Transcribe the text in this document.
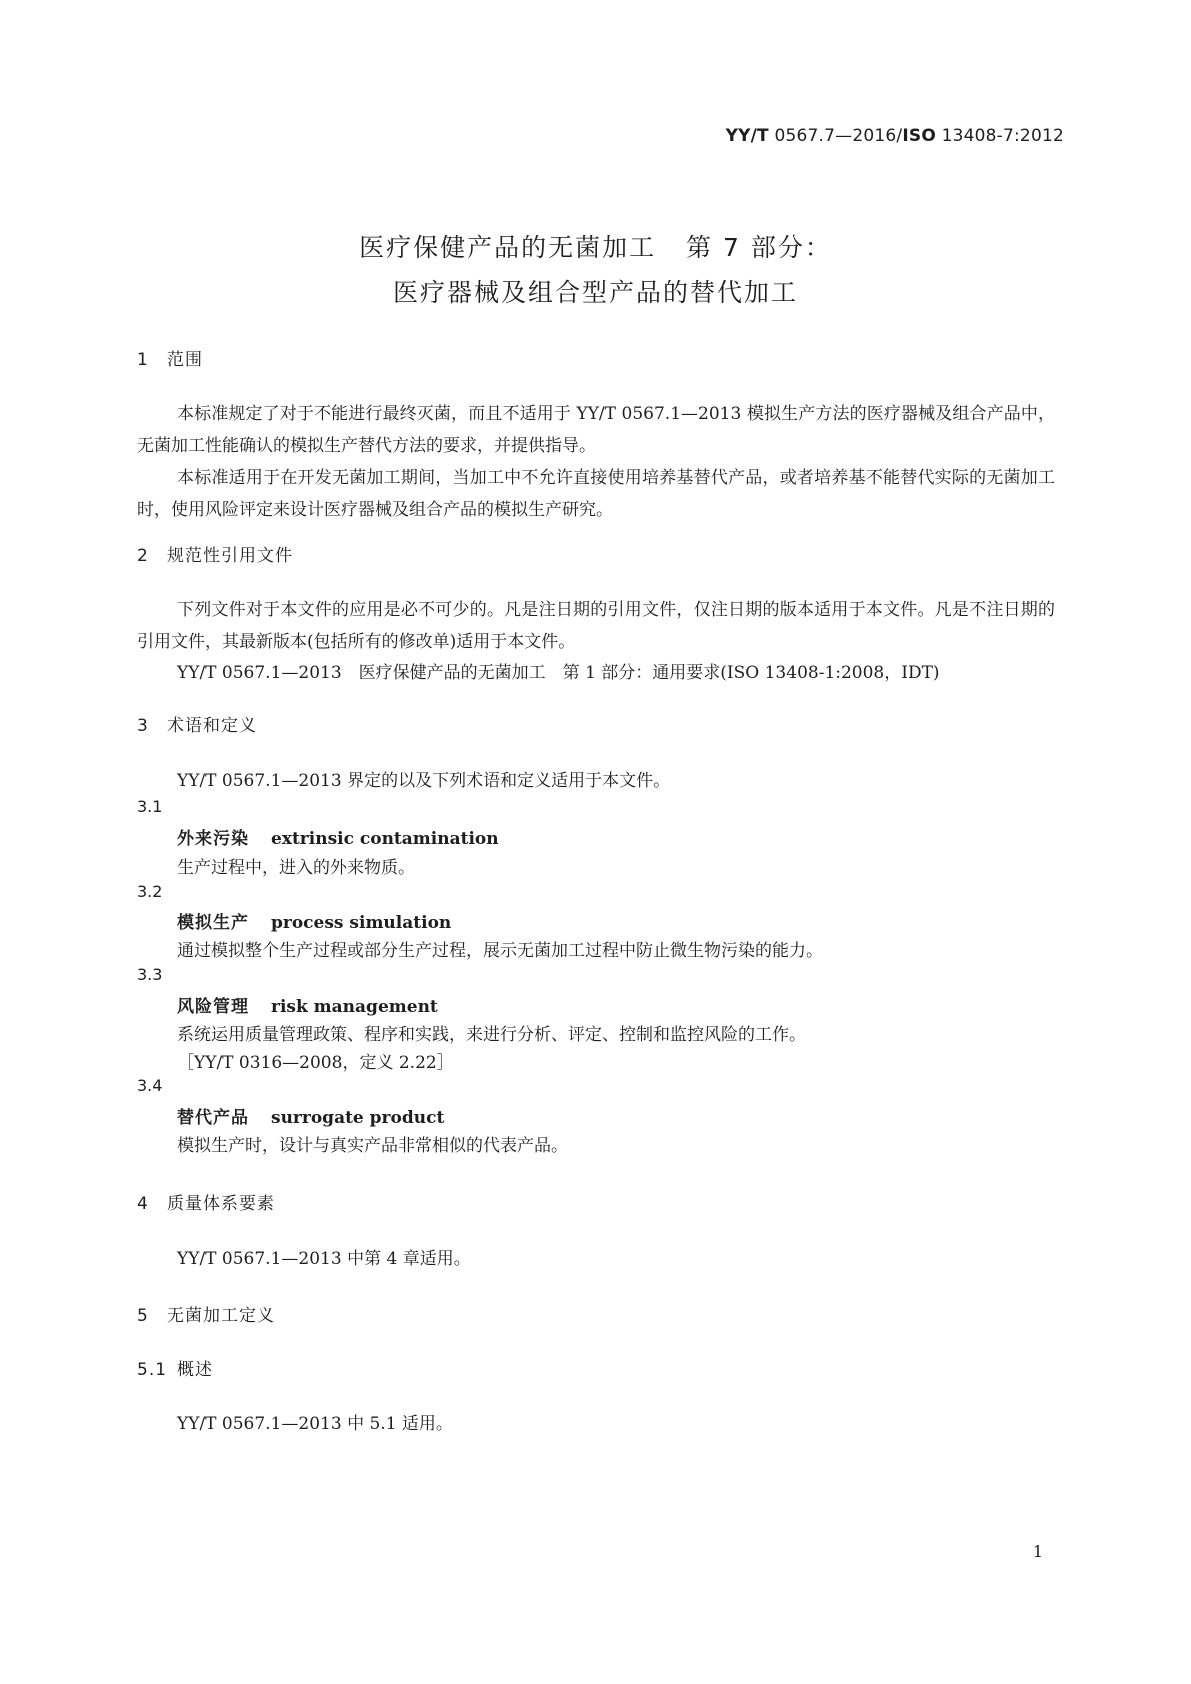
YY/T 0567.7—2016/ISO 13408-7:2012
医疗保健产品的无菌加工 第 7 部分：
医疗器械及组合型产品的替代加工
1 范围
本标准规定了对于不能进行最终灭菌，而且不适用于 YY/T 0567.1—2013 模拟生产方法的医疗器械及组合产品中，无菌加工性能确认的模拟生产替代方法的要求，并提供指导。
本标准适用于在开发无菌加工期间，当加工中不允许直接使用培养基替代产品，或者培养基不能替代实际的无菌加工时，使用风险评定来设计医疗器械及组合产品的模拟生产研究。
2 规范性引用文件
下列文件对于本文件的应用是必不可少的。凡是注日期的引用文件，仅注日期的版本适用于本文件。凡是不注日期的引用文件，其最新版本(包括所有的修改单)适用于本文件。
YY/T 0567.1—2013　医疗保健产品的无菌加工　第 1 部分：通用要求(ISO 13408-1:2008，IDT)
3 术语和定义
YY/T 0567.1—2013 界定的以及下列术语和定义适用于本文件。
3.1
外来污染 extrinsic contamination
生产过程中，进入的外来物质。
3.2
模拟生产 process simulation
通过模拟整个生产过程或部分生产过程，展示无菌加工过程中防止微生物污染的能力。
3.3
风险管理 risk management
系统运用质量管理政策、程序和实践，来进行分析、评定、控制和监控风险的工作。
［YY/T 0316—2008，定义 2.22］
3.4
替代产品 surrogate product
模拟生产时，设计与真实产品非常相似的代表产品。
4 质量体系要素
YY/T 0567.1—2013 中第 4 章适用。
5 无菌加工定义
5.1 概述
YY/T 0567.1—2013 中 5.1 适用。
1
